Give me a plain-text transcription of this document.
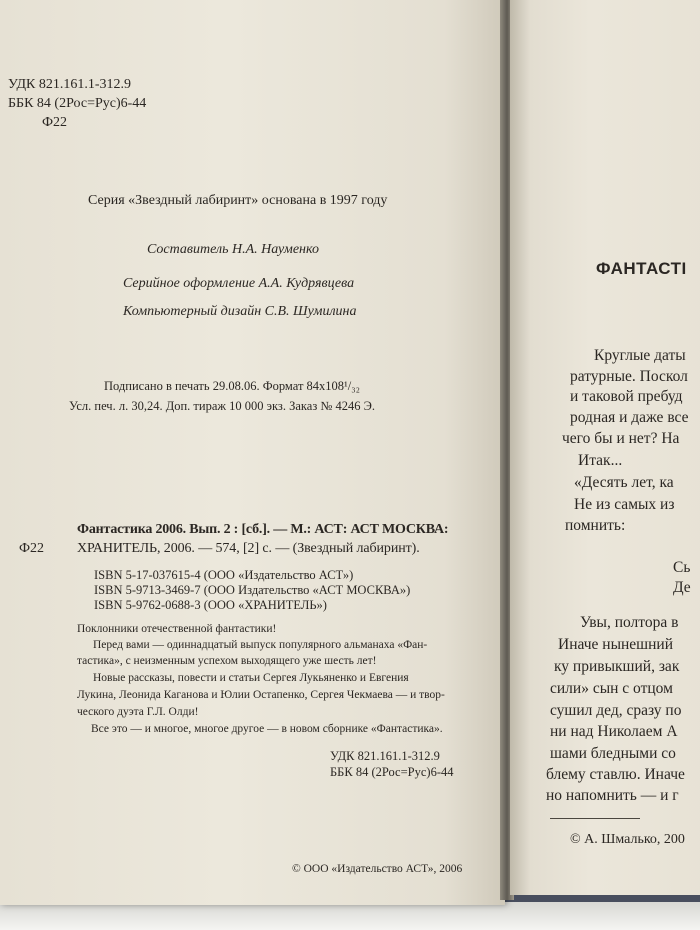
УДК 821.161.1-312.9
ББК 84 (2Рос=Рус)6-44
Ф22
Серия «Звездный лабиринт» основана в 1997 году
Составитель Н.А. Науменко
Серийное оформление А.А. Кудрявцева
Компьютерный дизайн С.В. Шумилина
Подписано в печать 29.08.06. Формат 84x108¹/₃₂
Усл. печ. л. 30,24. Доп. тираж 10 000 экз. Заказ № 4246 Э.
Фантастика 2006. Вып. 2 : [сб.]. — М.: АСТ: АСТ МОСКВА:
Ф22 ХРАНИТЕЛЬ, 2006. — 574, [2] с. — (Звездный лабиринт).
ISBN 5-17-037615-4 (ООО «Издательство АСТ»)
ISBN 5-9713-3469-7 (ООО Издательство «АСТ МОСКВА»)
ISBN 5-9762-0688-3 (ООО «ХРАНИТЕЛЬ»)
Поклонники отечественной фантастики!
Перед вами — одиннадцатый выпуск популярного альманаха «Фан-
тастика», с неизменным успехом выходящего уже шесть лет!
Новые рассказы, повести и статьи Сергея Лукьяненко и Евгения
Лукина, Леонида Каганова и Юлии Остапенко, Сергея Чекмаева — и твор-
ческого дуэта Г.Л. Олди!
Все это — и многое, многое другое — в новом сборнике «Фантастика».
УДК 821.161.1-312.9
ББК 84 (2Рос=Рус)6-44
© ООО «Издательство АСТ», 2006
ФАНТАСТІ
Круглые даты
ратурные. Поскол
и таковой пребуд
родная и даже все
чего бы и нет? На
Итак...
«Десять лет, ка
Не из самых из
помнить:
Сь
Де
Увы, полтора в
Иначе нынешний
ку привыкший, зак
сили» сын с отцом
сушил дед, сразу по
ни над Николаем А
шами бледными со
блему ставлю. Иначе
но напомнить — и г
© А. Шмалько, 200
